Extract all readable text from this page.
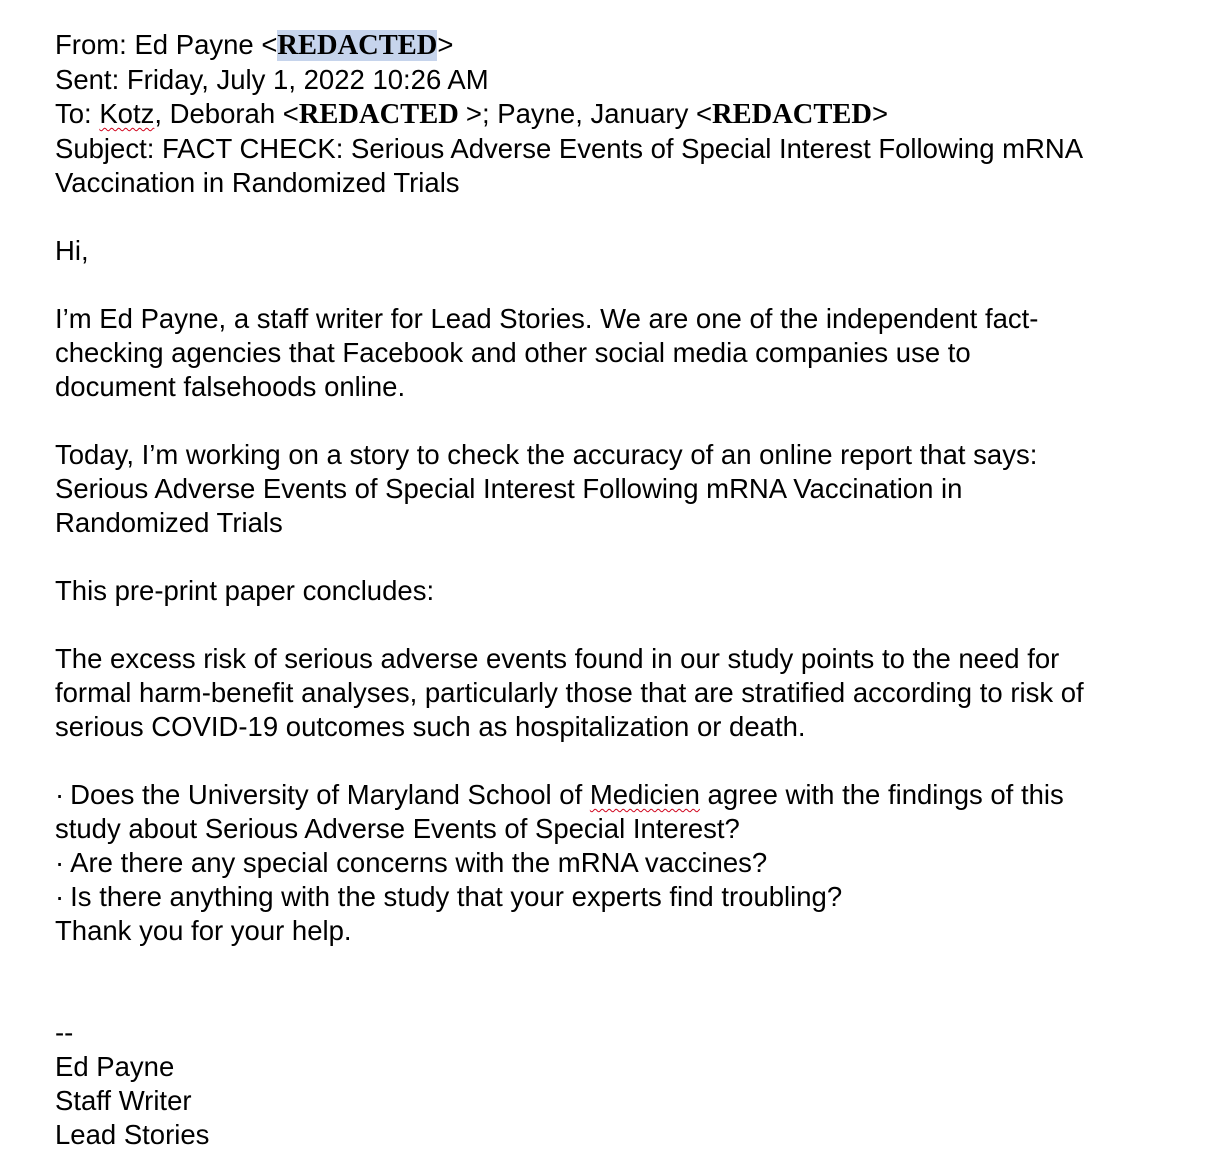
From: Ed Payne <REDACTED>
Sent: Friday, July 1, 2022 10:26 AM
To: Kotz, Deborah <REDACTED >; Payne, January <REDACTED>
Subject: FACT CHECK: Serious Adverse Events of Special Interest Following mRNA
Vaccination in Randomized Trials
Hi,
I’m Ed Payne, a staff writer for Lead Stories. We are one of the independent fact-
checking agencies that Facebook and other social media companies use to
document falsehoods online.
Today, I’m working on a story to check the accuracy of an online report that says:
Serious Adverse Events of Special Interest Following mRNA Vaccination in
Randomized Trials
This pre-print paper concludes:
The excess risk of serious adverse events found in our study points to the need for
formal harm-benefit analyses, particularly those that are stratified according to risk of
serious COVID-19 outcomes such as hospitalization or death.
· Does the University of Maryland School of Medicien agree with the findings of this
study about Serious Adverse Events of Special Interest?
· Are there any special concerns with the mRNA vaccines?
· Is there anything with the study that your experts find troubling?
Thank you for your help.
--
Ed Payne
Staff Writer
Lead Stories
